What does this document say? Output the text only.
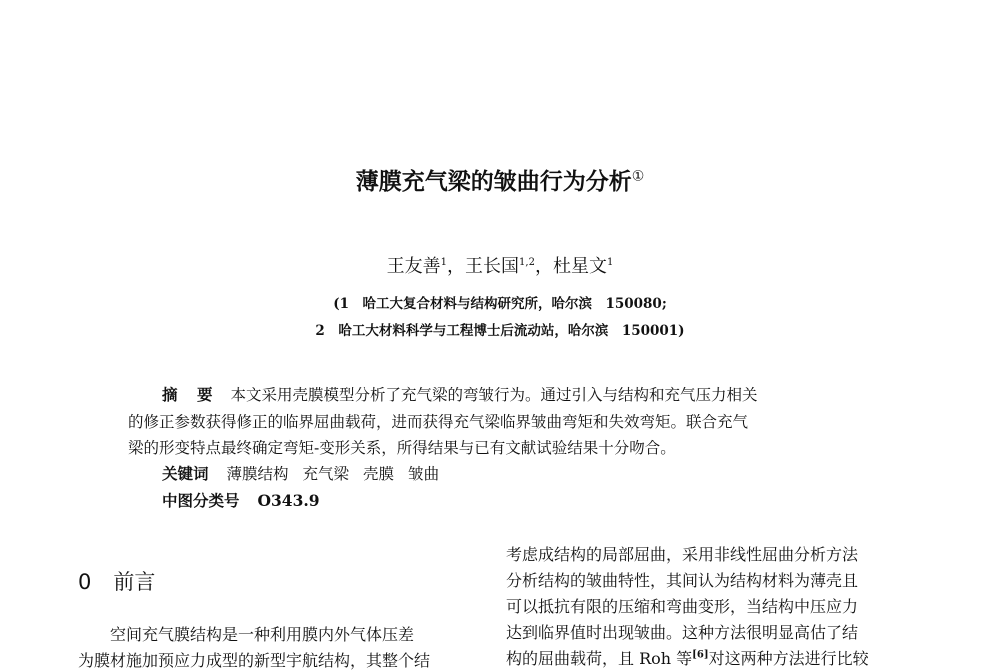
薄膜充气梁的皱曲行为分析①
王友善$^1$，王长国$^{1,2}$，杜星文$^1$
(1　哈工大复合材料与结构研究所，哈尔滨　150080;
2　哈工大材料科学与工程博士后流动站，哈尔滨　150001)
摘　要 本文采用壳膜模型分析了充气梁的弯皱行为。通过引入与结构和充气压力相关
的修正参数获得修正的临界屈曲载荷，进而获得充气梁临界皱曲弯矩和失效弯矩。联合充气
梁的形变特点最终确定弯矩-变形关系，所得结果与已有文献试验结果十分吻合。
关键词 薄膜结构 充气梁 壳膜 皱曲
中图分类号 O343.9
0 前言
空间充气膜结构是一种利用膜内外气体压差
为膜材施加预应力成型的新型宇航结构，其整个结
考虑成结构的局部屈曲，采用非线性屈曲分析方法
分析结构的皱曲特性，其间认为结构材料为薄壳且
可以抵抗有限的压缩和弯曲变形，当结构中压应力
达到临界值时出现皱曲。这种方法很明显高估了结
构的屈曲载荷，且 Roh 等[6]对这两种方法进行比较
